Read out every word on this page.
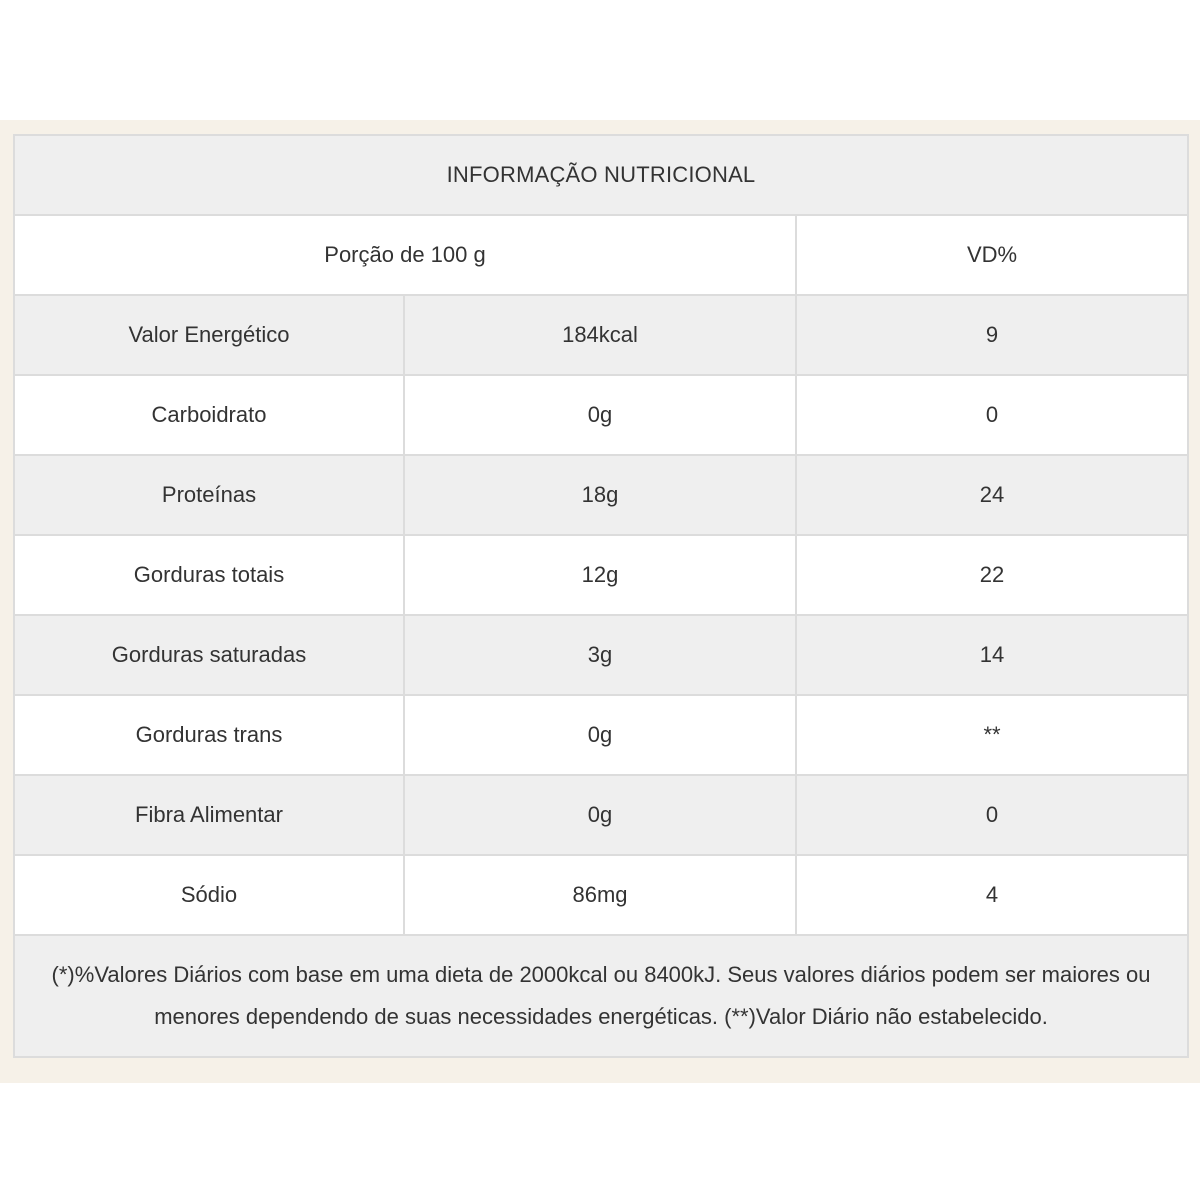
INFORMAÇÃO NUTRICIONAL		
Porção de 100 g		VD%
Valor Energético	184kcal	9
Carboidrato	0g	0
Proteínas	18g	24
Gorduras totais	12g	22
Gorduras saturadas	3g	14
Gorduras trans	0g	**
Fibra Alimentar	0g	0
Sódio	86mg	4
(*)%Valores Diários com base em uma dieta de 2000kcal ou 8400kJ. Seus valores diários podem ser maiores ou menores dependendo de suas necessidades energéticas. (**)Valor Diário não estabelecido.		
